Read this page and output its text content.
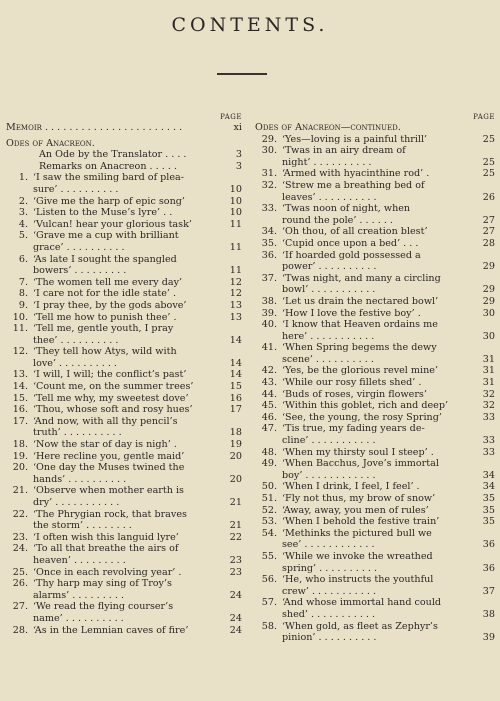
CONTENTS.
PAGE
Memoir . . . . . . . . . . . . . . . . . . . . . . .	xi
Odes of Anacreon.
An Ode by the Translator . . . .	3
Remarks on Anacreon . . . . .	3
1. ‘I saw the smiling bard of plea-
sure’ . . . . . . . . . .	10
2. ‘Give me the harp of epic song’	10
3. ‘Listen to the Muse’s lyre’ . .	10
4. ‘Vulcan! hear your glorious task’	11
5. ‘Grave me a cup with brilliant
grace’ . . . . . . . . . .	11
6. ‘As late I sought the spangled
bowers’ . . . . . . . . .	11
7. ‘The women tell me every day’	12
8. ‘I care not for the idle state’ .	12
9. ‘I pray thee, by the gods above’	13
10. ‘Tell me how to punish thee’ .	13
11. ‘Tell me, gentle youth, I pray
thee’ . . . . . . . . . .	14
12. ‘They tell how Atys, wild with
love’ . . . . . . . . . .	14
13. ‘I will, I will; the conflict’s past’	14
14. ‘Count me, on the summer trees’	15
15. ‘Tell me why, my sweetest dove’	16
16. ‘Thou, whose soft and rosy hues’	17
17. ‘And now, with all thy pencil’s
truth’ . . . . . . . . . .	18
18. ‘Now the star of day is nigh’ .	19
19. ‘Here recline you, gentle maid’	20
20. ‘One day the Muses twined the
hands’ . . . . . . . . . .	20
21. ‘Observe when mother earth is
dry’ . . . . . . . . . . .	21
22. ‘The Phrygian rock, that braves
the storm’ . . . . . . . .	21
23. ‘I often wish this languid lyre’	22
24. ‘To all that breathe the airs of
heaven’ . . . . . . . . .	23
25. ‘Once in each revolving year’ .	23
26. ‘Thy harp may sing of Troy’s
alarms’ . . . . . . . . .	24
27. ‘We read the flying courser’s
name’ . . . . . . . . . .	24
28. ‘As in the Lemnian caves of fire’	24
PAGE
Odes of Anacreon—continued.
29. ‘Yes—loving is a painful thrill’	25
30. ‘Twas in an airy dream of
night’ . . . . . . . . . .	25
31. ‘Armed with hyacinthine rod’ .	25
32. ‘Strew me a breathing bed of
leaves’ . . . . . . . . . .	26
33. ‘Twas noon of night, when
round the pole’ . . . . . .	27
34. ‘Oh thou, of all creation blest’	27
35. ‘Cupid once upon a bed’ . . .	28
36. ‘If hoarded gold possessed a
power’ . . . . . . . . . .	29
37. ‘Twas night, and many a circling
bowl’ . . . . . . . . . . .	29
38. ‘Let us drain the nectared bowl’	29
39. ‘How I love the festive boy’ .	30
40. ‘I know that Heaven ordains me
here’ . . . . . . . . . . .	30
41. ‘When Spring begems the dewy
scene’ . . . . . . . . . .	31
42. ‘Yes, be the glorious revel mine’	31
43. ‘While our rosy fillets shed’ .	31
44. ‘Buds of roses, virgin flowers’	32
45. ‘Within this goblet, rich and deep’	32
46. ‘See, the young, the rosy Spring’	33
47. ‘Tis true, my fading years de-
cline’ . . . . . . . . . . .	33
48. ‘When my thirsty soul I steep’ .	33
49. ‘When Bacchus, Jove’s immortal
boy’ . . . . . . . . . . . .	34
50. ‘When I drink, I feel, I feel’ .	34
51. ‘Fly not thus, my brow of snow’	35
52. ‘Away, away, you men of rules’	35
53. ‘When I behold the festive train’	35
54. ‘Methinks the pictured bull we
see’ . . . . . . . . . . . .	36
55. ‘While we invoke the wreathed
spring’ . . . . . . . . . .	36
56. ‘He, who instructs the youthful
crew’ . . . . . . . . . . .	37
57. ‘And whose immortal hand could
shed’ . . . . . . . . . . .	38
58. ‘When gold, as fleet as Zephyr’s
pinion’ . . . . . . . . . .	39
